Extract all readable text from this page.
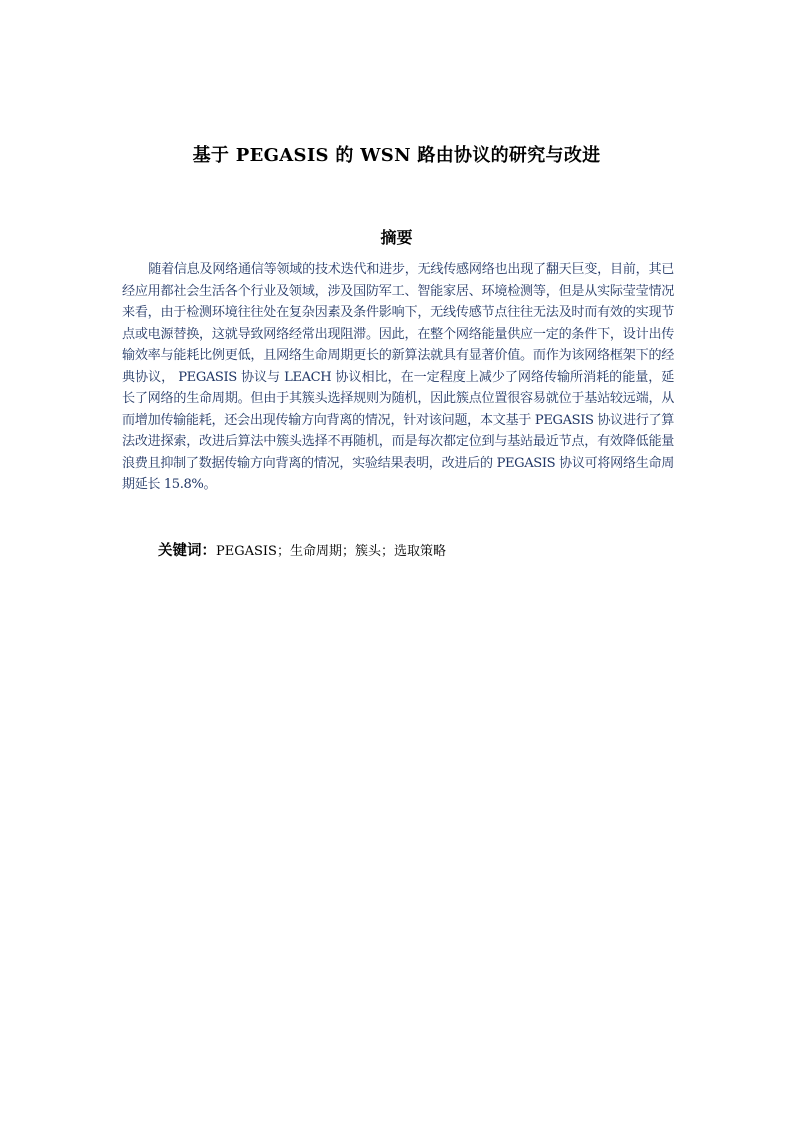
基于 PEGASIS 的 WSN 路由协议的研究与改进
摘要

随着信息及网络通信等领域的技术迭代和进步，无线传感网络也出现了翻天巨变，目前，其已经应用都社会生活各个行业及领域，涉及国防军工、智能家居、环境检测等，但是从实际莹莹情况来看，由于检测环境往往处在复杂因素及条件影响下，无线传感节点往往无法及时而有效的实现节点或电源替换，这就导致网络经常出现阻滞。因此，在整个网络能量供应一定的条件下，设计出传输效率与能耗比例更低，且网络生命周期更长的新算法就具有显著价值。而作为该网络框架下的经典协议， PEGASIS 协议与 LEACH 协议相比，在一定程度上减少了网络传输所消耗的能量，延长了网络的生命周期。但由于其簇头选择规则为随机，因此簇点位置很容易就位于基站较远端，从而增加传输能耗，还会出现传输方向背离的情况，针对该问题，本文基于 PEGASIS 协议进行了算法改进探索，改进后算法中簇头选择不再随机，而是每次都定位到与基站最近节点，有效降低能量浪费且抑制了数据传输方向背离的情况，实验结果表明，改进后的 PEGASIS 协议可将网络生命周期延长 15.8%。

关键词：PEGASIS；生命周期；簇头；选取策略
